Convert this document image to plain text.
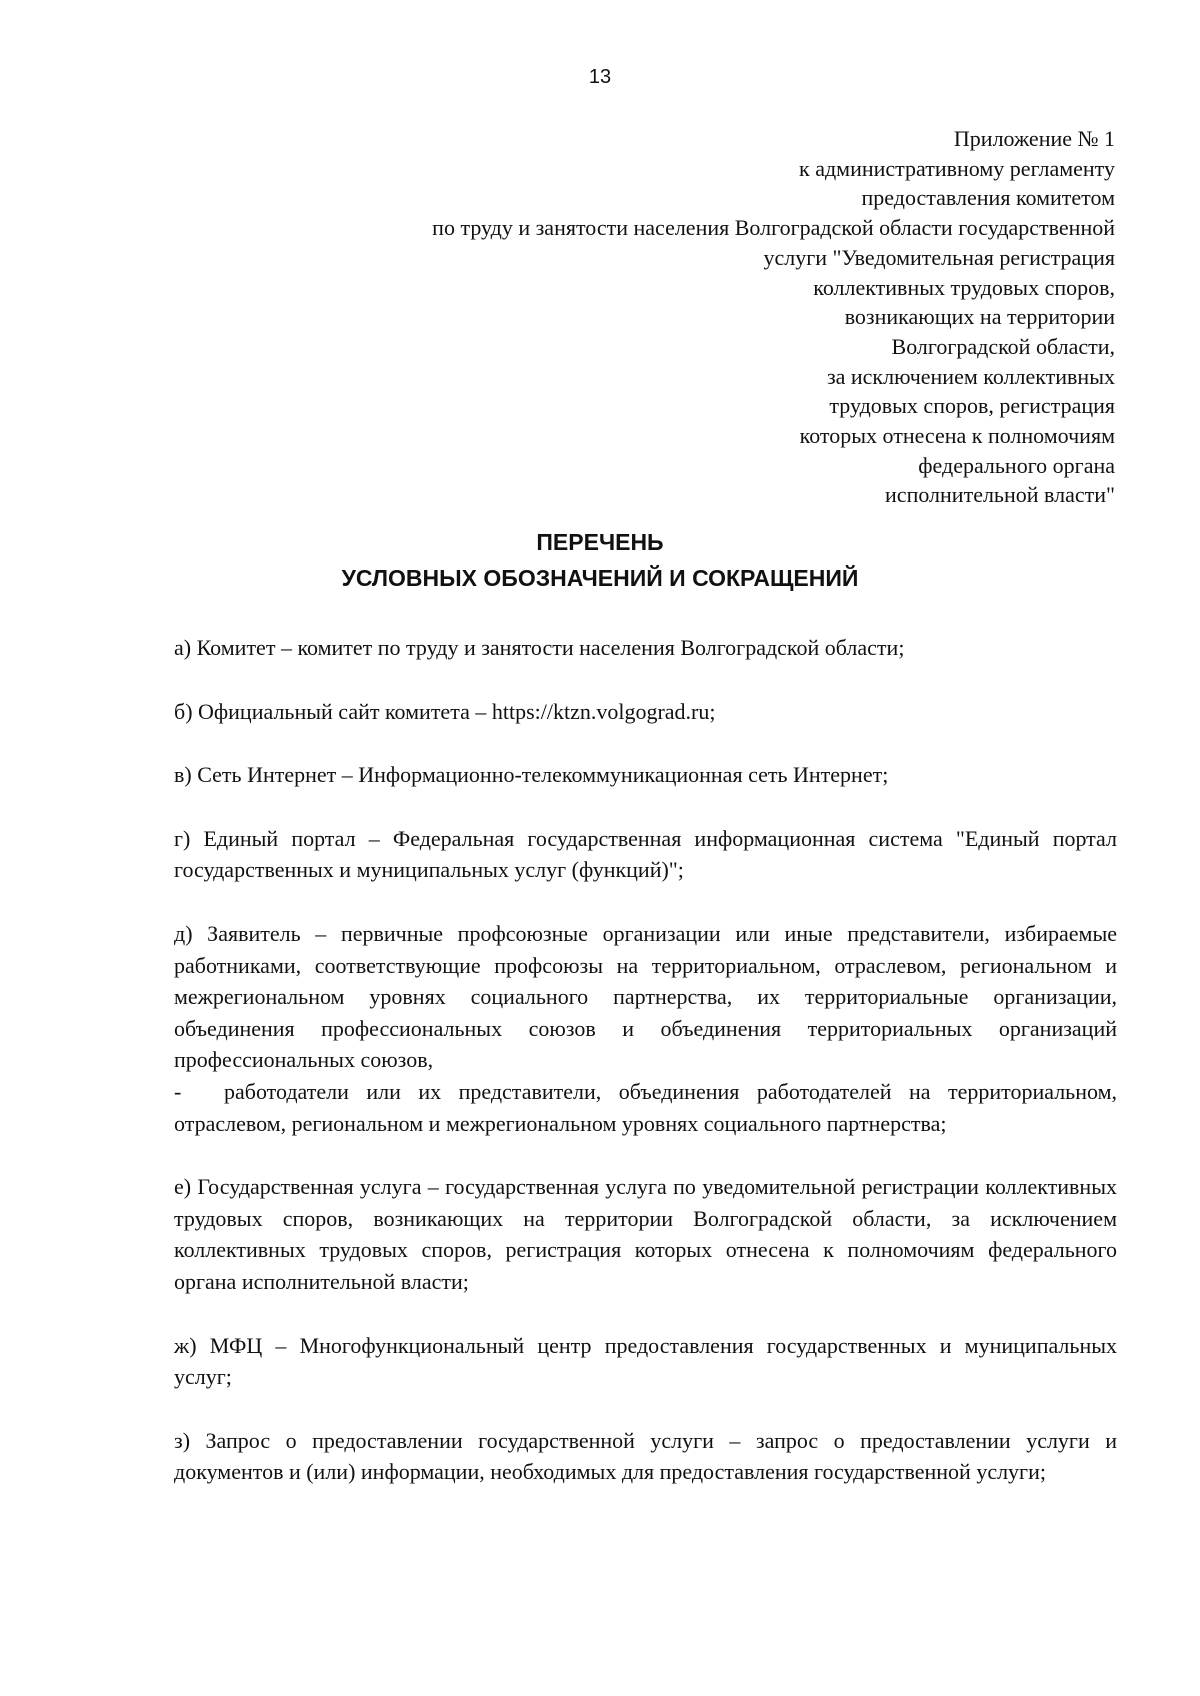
13
Приложение № 1
к административному регламенту
предоставления комитетом
по труду и занятости населения Волгоградской области государственной
услуги "Уведомительная регистрация
коллективных трудовых споров,
возникающих на территории
Волгоградской области,
за исключением коллективных
трудовых споров, регистрация
которых отнесена к полномочиям
федерального органа
исполнительной власти"
ПЕРЕЧЕНЬ
УСЛОВНЫХ ОБОЗНАЧЕНИЙ И СОКРАЩЕНИЙ
а) Комитет – комитет по труду и занятости населения Волгоградской области;
б) Официальный сайт комитета – https://ktzn.volgograd.ru;
в) Сеть Интернет – Информационно-телекоммуникационная сеть Интернет;
г) Единый портал – Федеральная государственная информационная система "Единый портал государственных и муниципальных услуг (функций)";
д) Заявитель – первичные профсоюзные организации или иные представители, избираемые работниками, соответствующие профсоюзы на территориальном, отраслевом, региональном и межрегиональном уровнях социального партнерства, их территориальные организации, объединения профессиональных союзов и объединения территориальных организаций профессиональных союзов,
- работодатели или их представители, объединения работодателей на территориальном, отраслевом, региональном и межрегиональном уровнях социального партнерства;
е) Государственная услуга – государственная услуга по уведомительной регистрации коллективных трудовых споров, возникающих на территории Волгоградской области, за исключением коллективных трудовых споров, регистрация которых отнесена к полномочиям федерального органа исполнительной власти;
ж) МФЦ – Многофункциональный центр предоставления государственных и муниципальных услуг;
з) Запрос о предоставлении государственной услуги – запрос о предоставлении услуги и документов и (или) информации, необходимых для предоставления государственной услуги;
